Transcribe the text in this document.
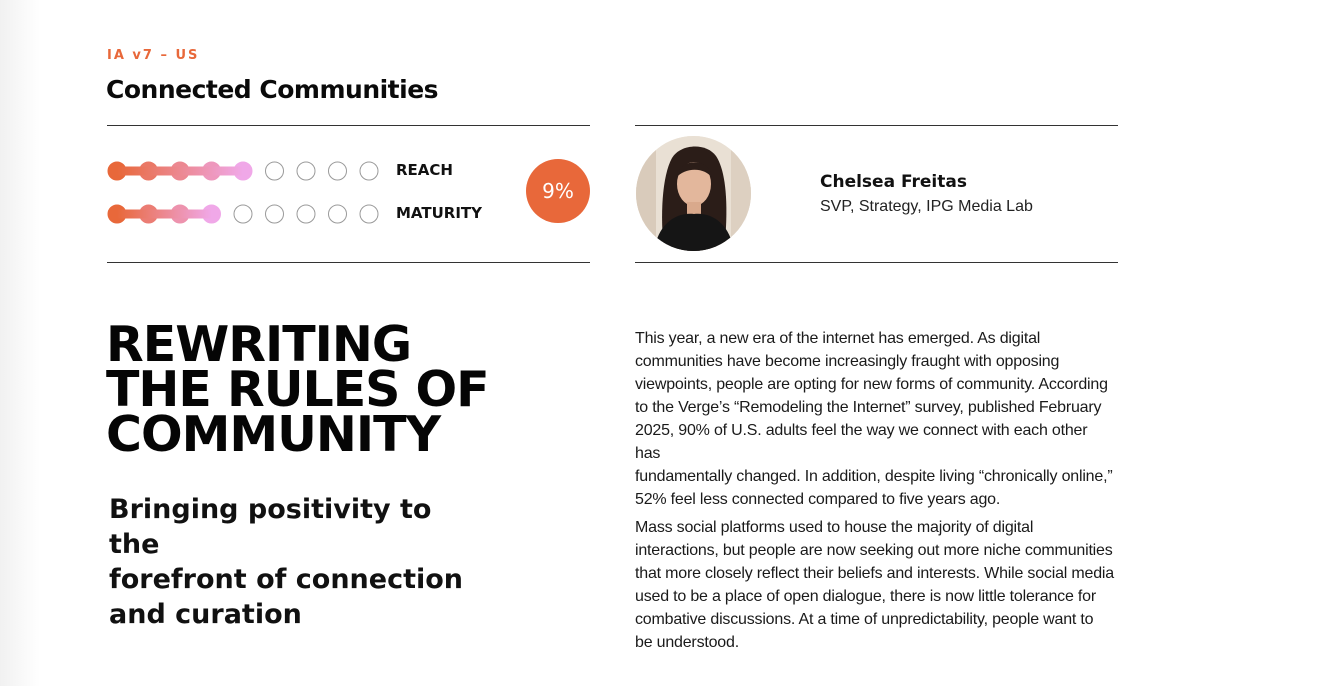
IA v7 – US
Connected Communities
REACH
MATURITY
9%	Chelsea Freitas
SVP, Strategy, IPG Media Lab
REWRITING
THE RULES OF
COMMUNITY
Bringing positivity to the
forefront of connection
and curation
This year, a new era of the internet has emerged. As digital
communities have become increasingly fraught with opposing
viewpoints, people are opting for new forms of community. According
to the Verge’s “Remodeling the Internet” survey, published February
2025, 90% of U.S. adults feel the way we connect with each other has
fundamentally changed. In addition, despite living “chronically online,”
52% feel less connected compared to five years ago.
Mass social platforms used to house the majority of digital
interactions, but people are now seeking out more niche communities
that more closely reflect their beliefs and interests. While social media
used to be a place of open dialogue, there is now little tolerance for
combative discussions. At a time of unpredictability, people want to
be understood.
